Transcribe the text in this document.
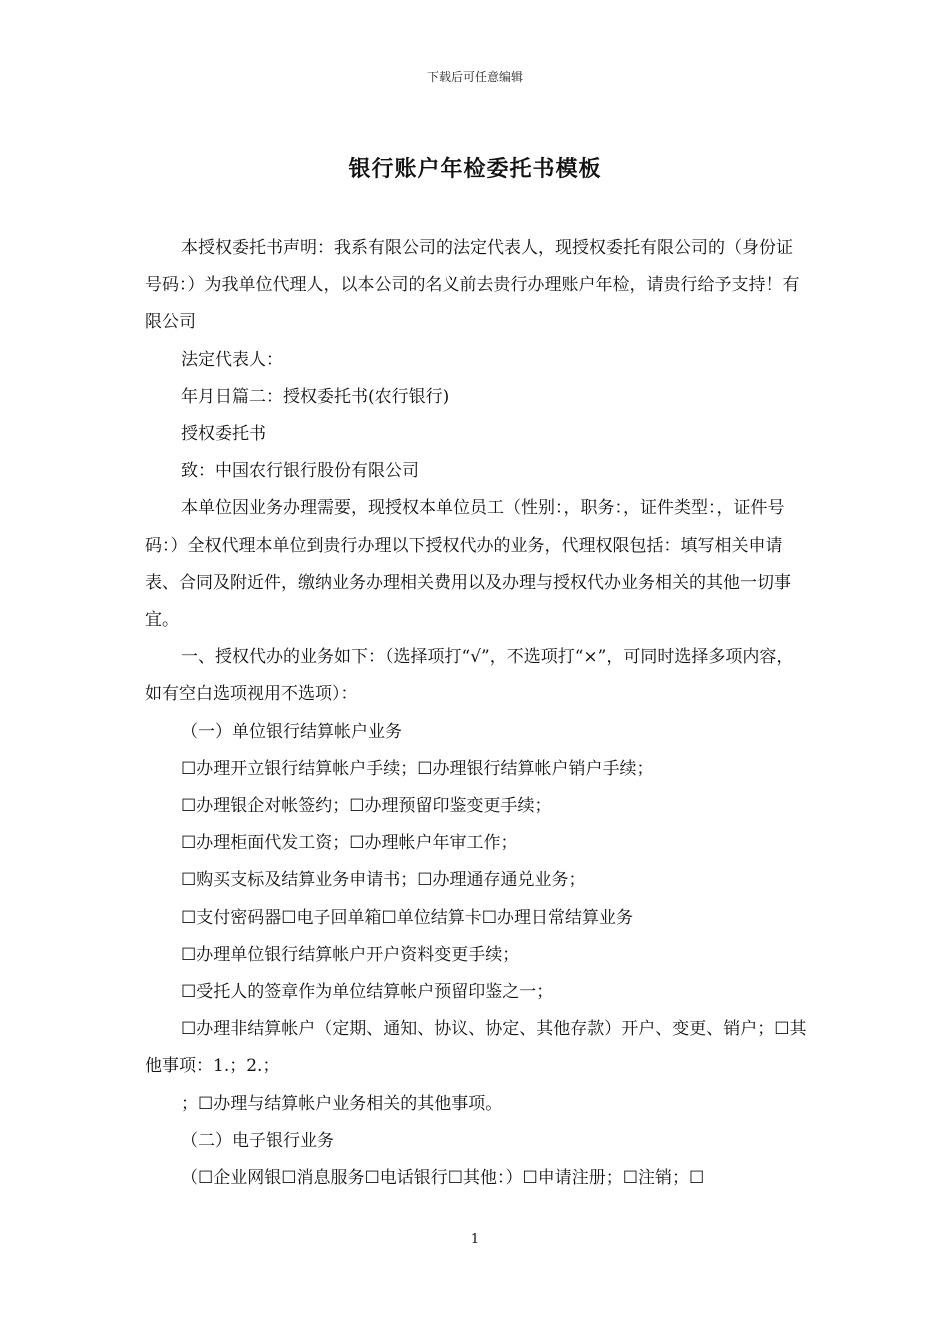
下载后可任意编辑
银行账户年检委托书模板

本授权委托书声明：我系有限公司的法定代表人，现授权委托有限公司的（身份证号码：）为我单位代理人，以本公司的名义前去贵行办理账户年检，请贵行给予支持！有限公司

法定代表人：

年月日篇二：授权委托书(农行银行)

授权委托书

致：中国农行银行股份有限公司

本单位因业务办理需要，现授权本单位员工（性别：，职务：，证件类型：，证件号码：）全权代理本单位到贵行办理以下授权代办的业务，代理权限包括：填写相关申请表、合同及附近件，缴纳业务办理相关费用以及办理与授权代办业务相关的其他一切事宜。

一、授权代办的业务如下：（选择项打“√”，不选项打“×”，可同时选择多项内容，如有空白选项视用不选项）：

（一）单位银行结算帐户业务

☐办理开立银行结算帐户手续；☐办理银行结算帐户销户手续；

☐办理银企对帐签约；☐办理预留印鉴变更手续；

☐办理柜面代发工资；☐办理帐户年审工作；

☐购买支标及结算业务申请书；☐办理通存通兑业务；

☐支付密码器☐电子回单箱☐单位结算卡☐办理日常结算业务

☐办理单位银行结算帐户开户资料变更手续；

☐受托人的签章作为单位结算帐户预留印鉴之一；

☐办理非结算帐户（定期、通知、协议、协定、其他存款）开户、变更、销户；☐其他事项：1.；2.；

；☐办理与结算帐户业务相关的其他事项。

（二）电子银行业务

（☐企业网银☐消息服务☐电话银行☐其他：）☐申请注册；☐注销；☐

1
